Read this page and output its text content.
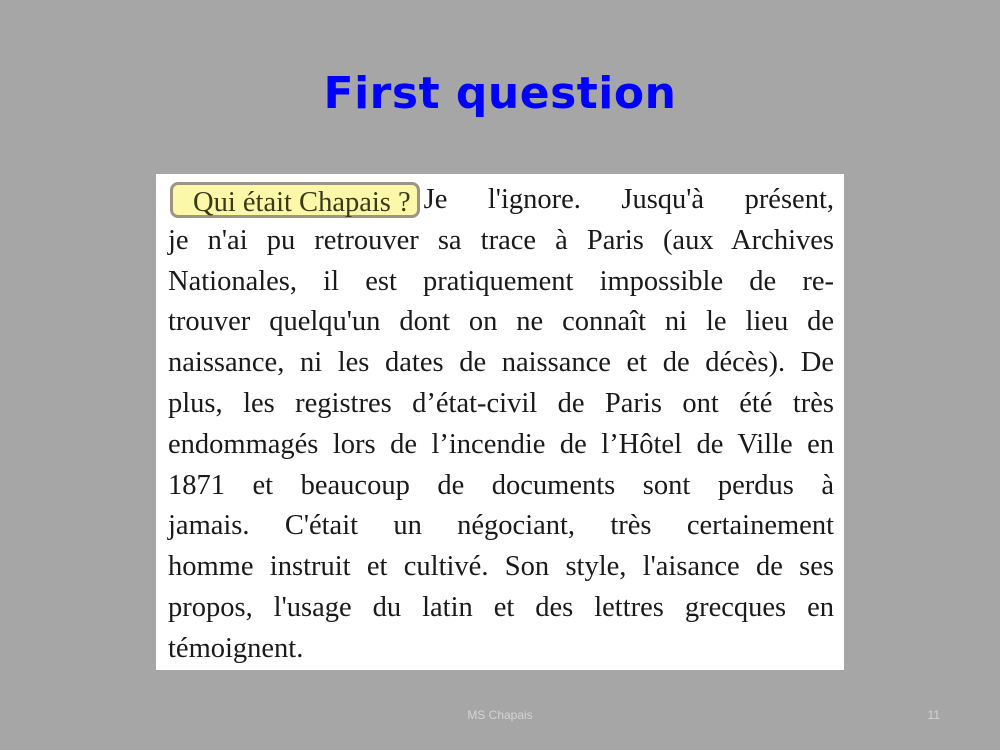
First question
Qui était Chapais ? Je l'ignore. Jusqu'à présent,
je n'ai pu retrouver sa trace à Paris (aux Archives
Nationales, il est pratiquement impossible de re-
trouver quelqu'un dont on ne connaît ni le lieu de
naissance, ni les dates de naissance et de décès). De
plus, les registres d’état-civil de Paris ont été très
endommagés lors de l’incendie de l’Hôtel de Ville en
1871 et beaucoup de documents sont perdus à
jamais. C'était un négociant, très certainement
homme instruit et cultivé. Son style, l'aisance de ses
propos, l'usage du latin et des lettres grecques en
témoignent.
MS Chapais	11
